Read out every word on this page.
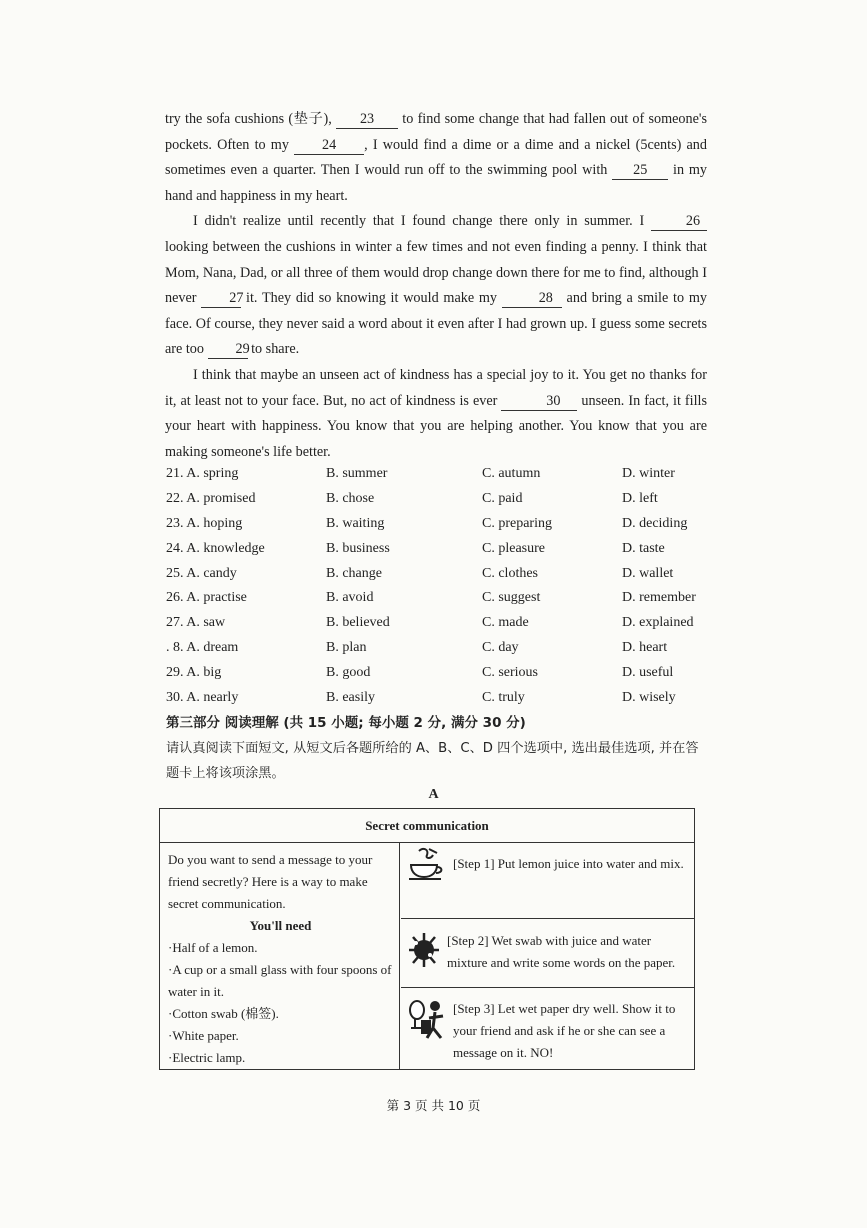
try the sofa cushions (垫子), 23 to find some change that had fallen out of someone's pockets. Often to my 24 , I would find a dime or a dime and a nickel (5cents) and sometimes even a quarter. Then I would run off to the swimming pool with 25 in my hand and happiness in my heart.

I didn't realize until recently that I found change there only in summer. I 26 looking between the cushions in winter a few times and not even finding a penny. I think that Mom, Nana, Dad, or all three of them would drop change down there for me to find, although I never 27 it. They did so knowing it would make my	28 and bring a smile to my face. Of course, they never said a word about it even after I had grown up. I guess some secrets are too 29 to share.

I think that maybe an unseen act of kindness has a special joy to it. You get no thanks for it, at least not to your face. But, no act of kindness is ever	30 unseen. In fact, it fills your heart with happiness. You know that you are helping another. You know that you are making someone's life better.

21. A. spring	B. summer	C. autumn	D. winter
22. A. promised	B. chose	C. paid	D. left
23. A. hoping	B. waiting	C. preparing	D. deciding
24. A. knowledge	B. business	C. pleasure	D. taste
25. A. candy	B. change	C. clothes	D. wallet
26. A. practise	B. avoid	C. suggest	D. remember
27. A. saw	B. believed	C. made	D. explained
. 8. A. dream	B. plan	C. day	D. heart
29. A. big	B. good	C. serious	D. useful
30. A. nearly	B. easily	C. truly	D. wisely
第三部分 阅读理解 (共 15 小题; 每小题 2 分, 满分 30 分)
请认真阅读下面短文, 从短文后各题所给的 A、B、C、D 四个选项中, 选出最佳选项, 并在答题卡上将该项涂黑。
A
Secret communication
Do you want to send a message to your friend secretly? Here is a way to make secret communication.
You'll need
·Half of a lemon.
·A cup or a small glass with four spoons of water in it.
·Cotton swab (棉签).
·White paper.
·Electric lamp.
[Step 1] Put lemon juice into water and mix.
[Step 2] Wet swab with juice and water mixture and write some words on the paper.
[Step 3] Let wet paper dry well. Show it to your friend and ask if he or she can see a message on it. NO!
第 3 页 共 10 页
